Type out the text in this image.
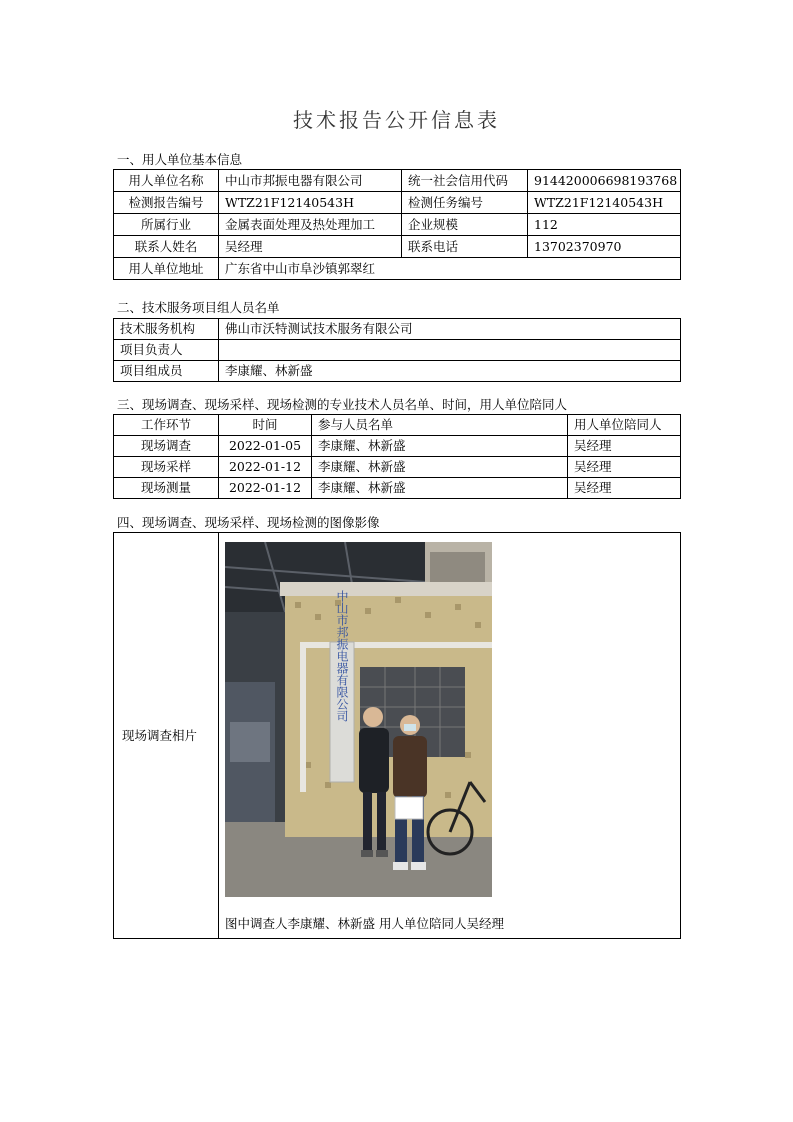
技术报告公开信息表
一、用人单位基本信息
用人单位名称	中山市邦振电器有限公司	统一社会信用代码	914420006698193768
检测报告编号	WTZ21F12140543H	检测任务编号	WTZ21F12140543H
所属行业	金属表面处理及热处理加工	企业规模	112
联系人姓名	吴经理	联系电话	13702370970
用人单位地址	广东省中山市阜沙镇郭翠红		
二、技术服务项目组人员名单
技术服务机构	佛山市沃特测试技术服务有限公司
项目负责人	
项目组成员	李康耀、林新盛
三、现场调查、现场采样、现场检测的专业技术人员名单、时间，用人单位陪同人
工作环节	时间	参与人员名单	用人单位陪同人
现场调查	2022-01-05	李康耀、林新盛	吴经理
现场采样	2022-01-12	李康耀、林新盛	吴经理
现场测量	2022-01-12	李康耀、林新盛	吴经理
四、现场调查、现场采样、现场检测的图像影像
现场调查相片	
中山市邦振电器有限公司
图中调查人李康耀、林新盛 用人单位陪同人吴经理
